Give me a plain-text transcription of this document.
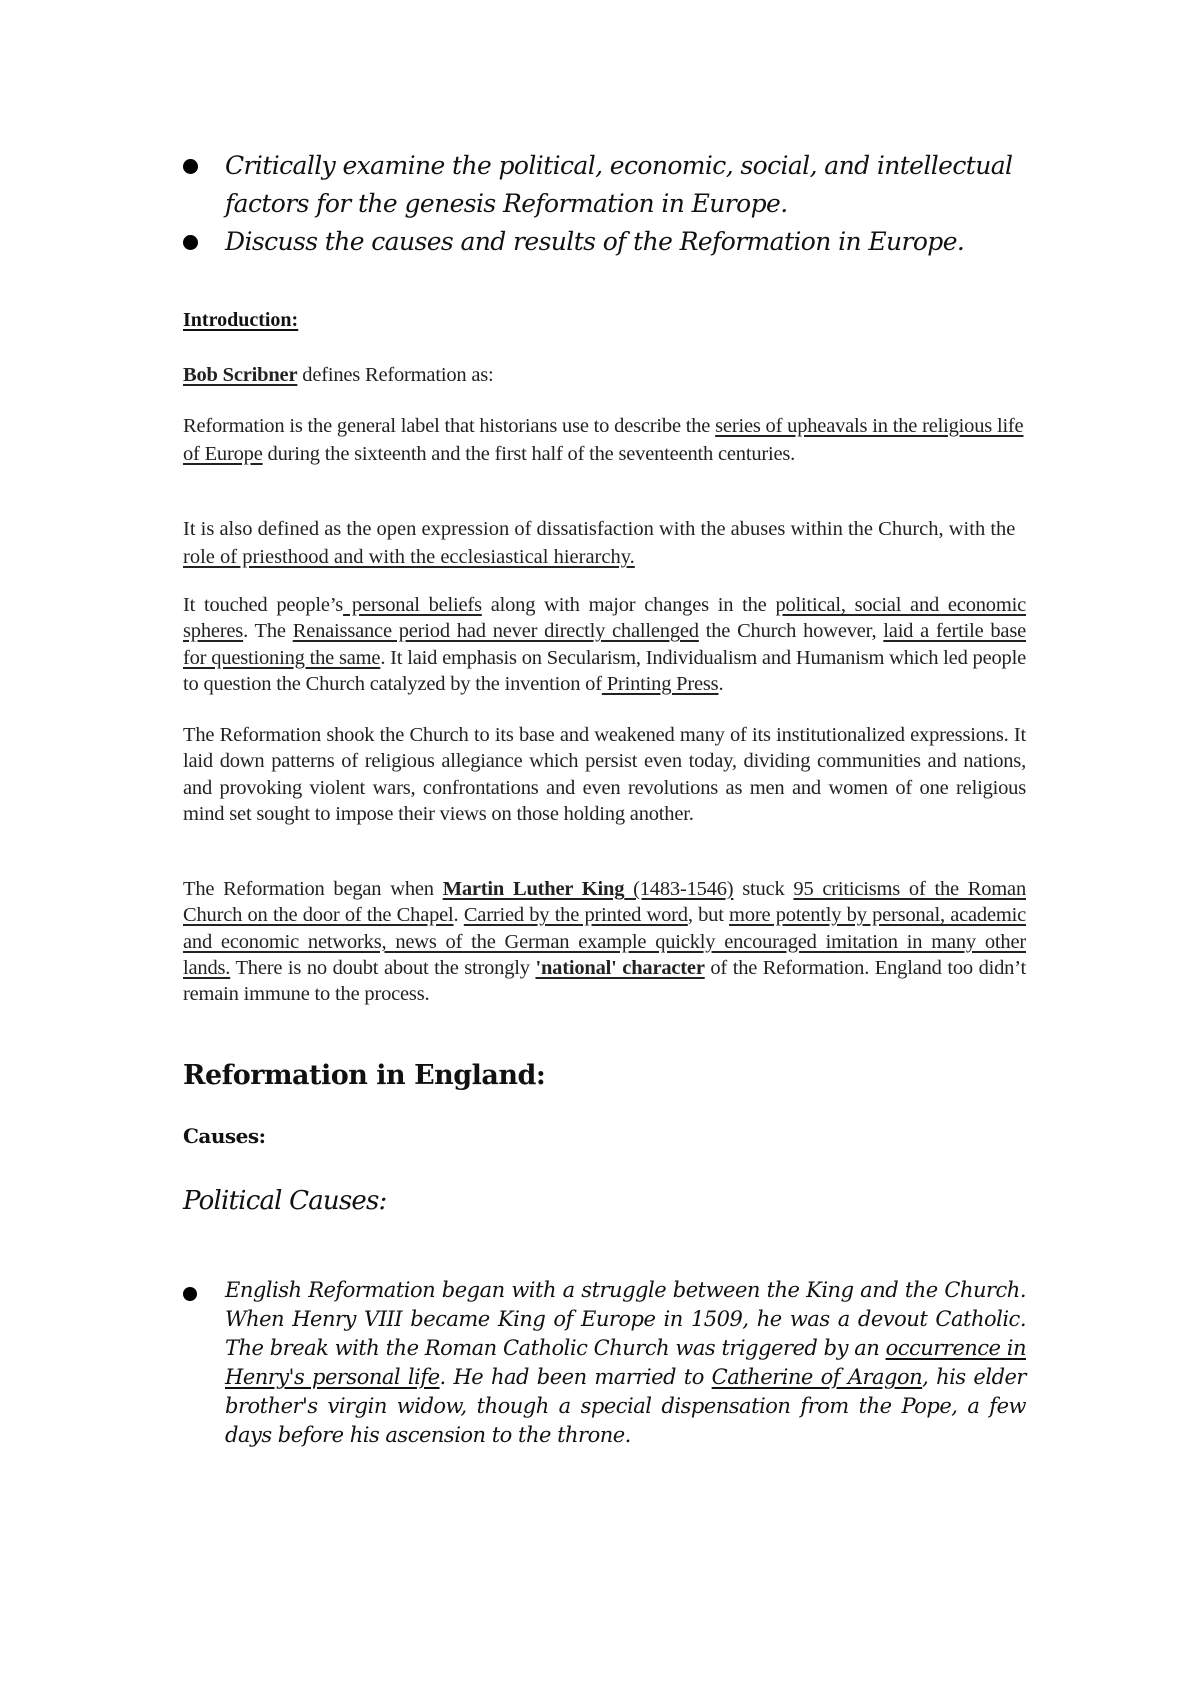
Critically examine the political, economic, social, and intellectual factors for the genesis Reformation in Europe.
Discuss the causes and results of the Reformation in Europe.
Introduction:

Bob Scribner defines Reformation as:

Reformation is the general label that historians use to describe the series of upheavals in the religious life of Europe during the sixteenth and the first half of the seventeenth centuries.

It is also defined as the open expression of dissatisfaction with the abuses within the Church, with the role of priesthood and with the ecclesiastical hierarchy.

It touched people’s personal beliefs along with major changes in the political, social and economic spheres. The Renaissance period had never directly challenged the Church however, laid a fertile base for questioning the same. It laid emphasis on Secularism, Individualism and Humanism which led people to question the Church catalyzed by the invention of Printing Press.

The Reformation shook the Church to its base and weakened many of its institutionalized expressions. It laid down patterns of religious allegiance which persist even today, dividing communities and nations, and provoking violent wars, confrontations and even revolutions as men and women of one religious mind set sought to impose their views on those holding another.

The Reformation began when Martin Luther King (1483-1546) stuck 95 criticisms of the Roman Church on the door of the Chapel. Carried by the printed word, but more potently by personal, academic and economic networks, news of the German example quickly encouraged imitation in many other lands. There is no doubt about the strongly 'national' character of the Reformation. England too didn’t remain immune to the process.

Reformation in England:
Causes:
Political Causes:
English Reformation began with a struggle between the King and the Church. When Henry VIII became King of Europe in 1509, he was a devout Catholic. The break with the Roman Catholic Church was triggered by an occurrence in Henry's personal life. He had been married to Catherine of Aragon, his elder brother's virgin widow, though a special dispensation from the Pope, a few days before his ascension to the throne.
